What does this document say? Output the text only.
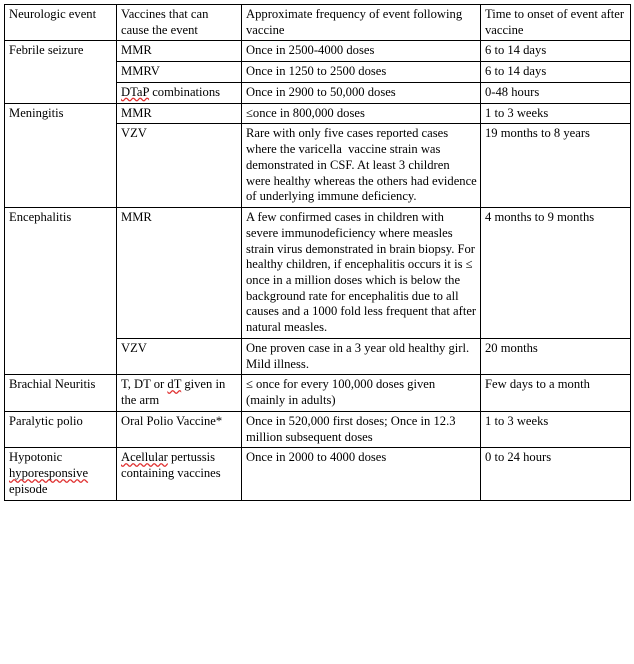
Neurologic event	Vaccines that can cause the event	Approximate frequency of event following vaccine	Time to onset of event after vaccine

Febrile seizure	MMR	Once in 2500-4000 doses	6 to 14 days

	MMRV	Once in 1250 to 2500 doses	6 to 14 days

	DTaP combinations	Once in 2900 to 50,000 doses	0-48 hours

Meningitis	MMR	≤once in 800,000 doses	1 to 3 weeks

	VZV	Rare with only five cases reported cases where the varicella  vaccine strain was demonstrated in CSF. At least 3 children were healthy whereas the others had evidence of underlying immune deficiency.	19 months to 8 years

Encephalitis	MMR	A few confirmed cases in children with severe immunodeficiency where measles  strain virus demonstrated in brain biopsy. For healthy children, if encephalitis occurs it is ≤ once in a million doses which is below the background rate for encephalitis due to all causes and a 1000 fold less frequent that after natural measles.	4 months to 9 months

	VZV	One proven case in a 3 year old healthy girl. Mild illness.	20 months

Brachial Neuritis	T, DT or dT given in the arm	≤ once for every 100,000 doses given (mainly in adults)	Few days to a month

Paralytic polio	Oral Polio Vaccine*	Once in 520,000 first doses; Once in 12.3 million subsequent doses	1 to 3 weeks

Hypotonic hyporesponsive episode	Acellular pertussis containing vaccines	Once in 2000 to 4000 doses	0 to 24 hours
